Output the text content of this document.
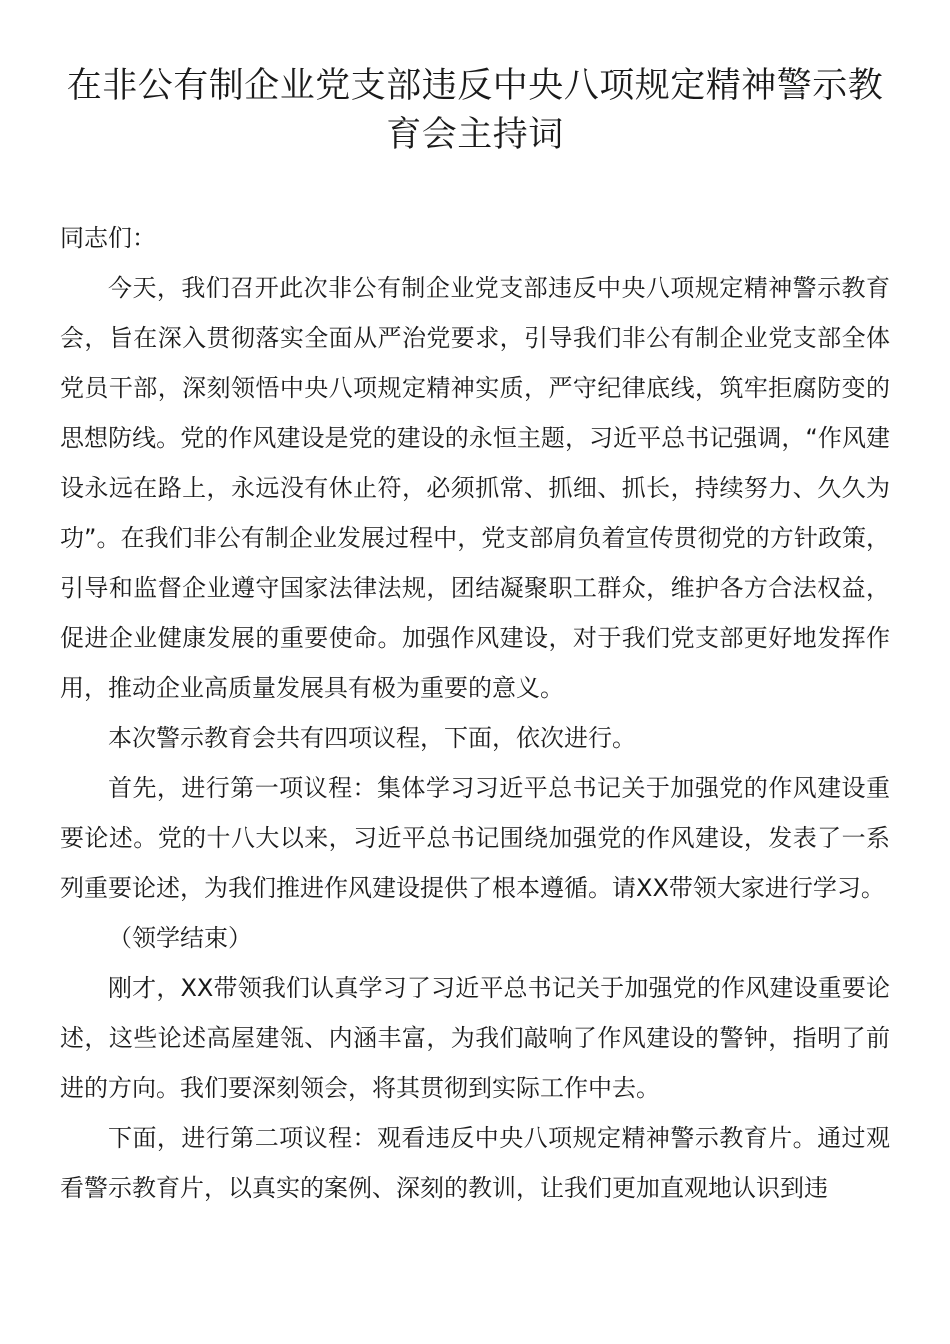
在非公有制企业党支部违反中央八项规定精神警示教育会主持词

同志们：

今天，我们召开此次非公有制企业党支部违反中央八项规定精神警示教育会，旨在深入贯彻落实全面从严治党要求，引导我们非公有制企业党支部全体党员干部，深刻领悟中央八项规定精神实质，严守纪律底线，筑牢拒腐防变的思想防线。党的作风建设是党的建设的永恒主题，习近平总书记强调，“作风建设永远在路上，永远没有休止符，必须抓常、抓细、抓长，持续努力、久久为功”。在我们非公有制企业发展过程中，党支部肩负着宣传贯彻党的方针政策，引导和监督企业遵守国家法律法规，团结凝聚职工群众，维护各方合法权益，促进企业健康发展的重要使命。加强作风建设，对于我们党支部更好地发挥作用，推动企业高质量发展具有极为重要的意义。

本次警示教育会共有四项议程，下面，依次进行。

首先，进行第一项议程：集体学习习近平总书记关于加强党的作风建设重要论述。党的十八大以来，习近平总书记围绕加强党的作风建设，发表了一系列重要论述，为我们推进作风建设提供了根本遵循。请XX带领大家进行学习。

（领学结束）

刚才，XX带领我们认真学习了习近平总书记关于加强党的作风建设重要论述，这些论述高屋建瓴、内涵丰富，为我们敲响了作风建设的警钟，指明了前进的方向。我们要深刻领会，将其贯彻到实际工作中去。

下面，进行第二项议程：观看违反中央八项规定精神警示教育片。通过观看警示教育片，以真实的案例、深刻的教训，让我们更加直观地认识到违
